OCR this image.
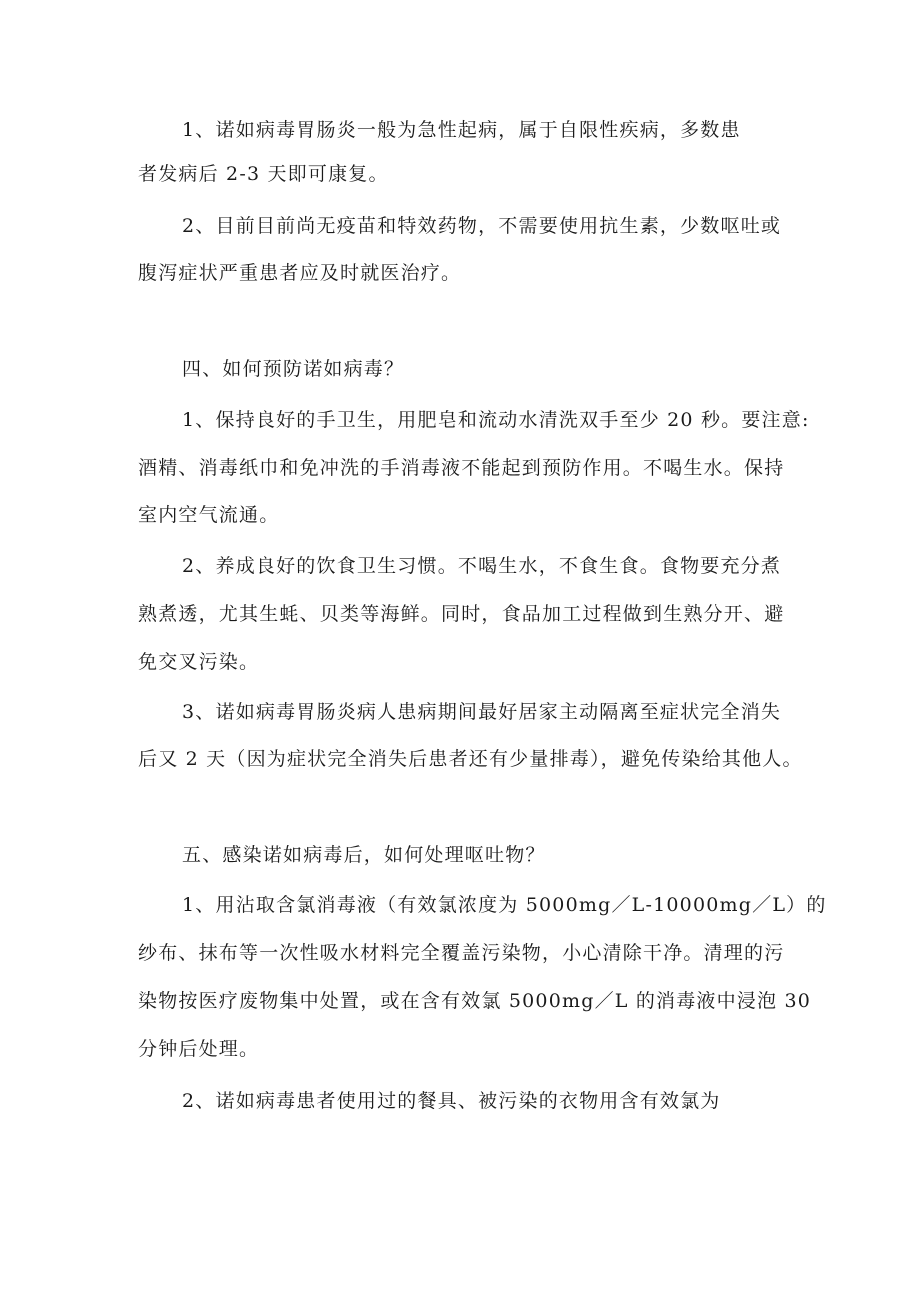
1、诺如病毒胃肠炎一般为急性起病，属于自限性疾病，多数患
者发病后 2-3 天即可康复。
2、目前目前尚无疫苗和特效药物，不需要使用抗生素，少数呕吐或
腹泻症状严重患者应及时就医治疗。
四、如何预防诺如病毒？
1、保持良好的手卫生，用肥皂和流动水清洗双手至少 20 秒。要注意:
酒精、消毒纸巾和免冲洗的手消毒液不能起到预防作用。不喝生水。保持
室内空气流通。
2、养成良好的饮食卫生习惯。不喝生水，不食生食。食物要充分煮
熟煮透，尤其生蚝、贝类等海鲜。同时，食品加工过程做到生熟分开、避
免交叉污染。
3、诺如病毒胃肠炎病人患病期间最好居家主动隔离至症状完全消失
后又 2 天（因为症状完全消失后患者还有少量排毒），避免传染给其他人。
五、感染诺如病毒后，如何处理呕吐物？
1、用沾取含氯消毒液（有效氯浓度为 5000mg／L-10000mg／L）的
纱布、抹布等一次性吸水材料完全覆盖污染物，小心清除干净。清理的污
染物按医疗废物集中处置，或在含有效氯 5000mg／L 的消毒液中浸泡 30
分钟后处理。
2、诺如病毒患者使用过的餐具、被污染的衣物用含有效氯为
